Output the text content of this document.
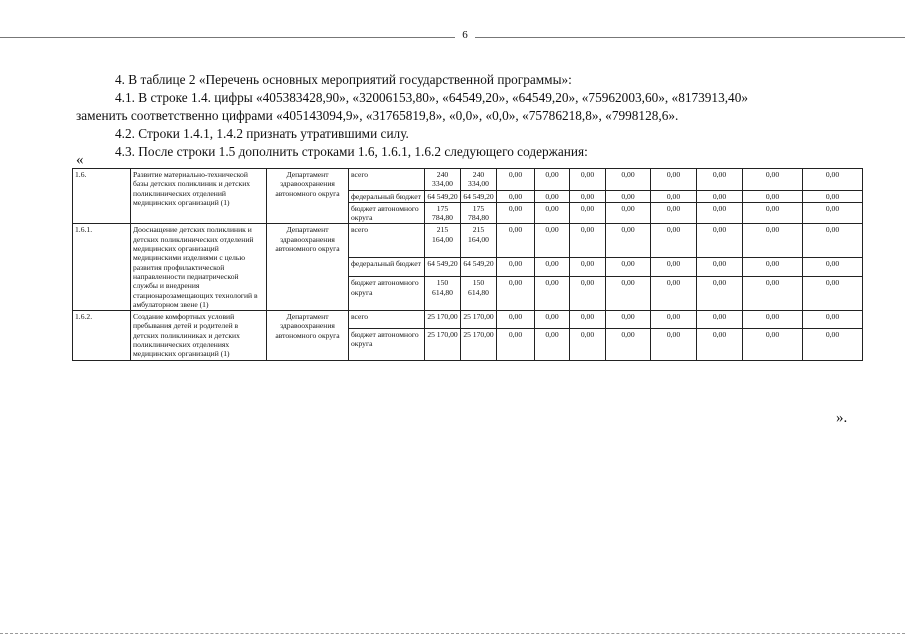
6
4. В таблице 2 «Перечень основных мероприятий государственной программы»:
4.1. В строке 1.4. цифры «405383428,90», «32006153,80», «64549,20», «64549,20», «75962003,60», «8173913,40»
заменить соответственно цифрами «405143094,9», «31765819,8», «0,0», «0,0», «75786218,8», «7998128,6».
4.2. Строки 1.4.1, 1.4.2 признать утратившими силу.
4.3. После строки 1.5 дополнить строками 1.6, 1.6.1, 1.6.2 следующего содержания:
«
1.6.	Развитие материально-технической базы детских поликлиник и детских поликлинических отделений медицинских организаций (1)	Департамент здравоохранения автономного округа	всего	240 334,00	240 334,00	0,00	0,00	0,00	0,00	0,00	0,00	0,00	0,00
			федеральный бюджет	64 549,20	64 549,20	0,00	0,00	0,00	0,00	0,00	0,00	0,00	0,00
			бюджет автономного округа	175 784,80	175 784,80	0,00	0,00	0,00	0,00	0,00	0,00	0,00	0,00
1.6.1.	Дооснащение детских поликлиник и детских поликлинических отделений медицинских организаций медицинскими изделиями с целью развития профилактической направленности педиатрической службы и внедрения стационарозамещающих технологий в амбулаторном звене (1)	Департамент здравоохранения автономного округа	всего	215 164,00	215 164,00	0,00	0,00	0,00	0,00	0,00	0,00	0,00	0,00
			федеральный бюджет	64 549,20	64 549,20	0,00	0,00	0,00	0,00	0,00	0,00	0,00	0,00
			бюджет автономного округа	150 614,80	150 614,80	0,00	0,00	0,00	0,00	0,00	0,00	0,00	0,00
1.6.2.	Создание комфортных условий пребывания детей и родителей в детских поликлиниках и детских поликлинических отделениях медицинских организаций (1)	Департамент здравоохранения автономного округа	всего	25 170,00	25 170,00	0,00	0,00	0,00	0,00	0,00	0,00	0,00	0,00
			бюджет автономного округа	25 170,00	25 170,00	0,00	0,00	0,00	0,00	0,00	0,00	0,00	0,00
».
